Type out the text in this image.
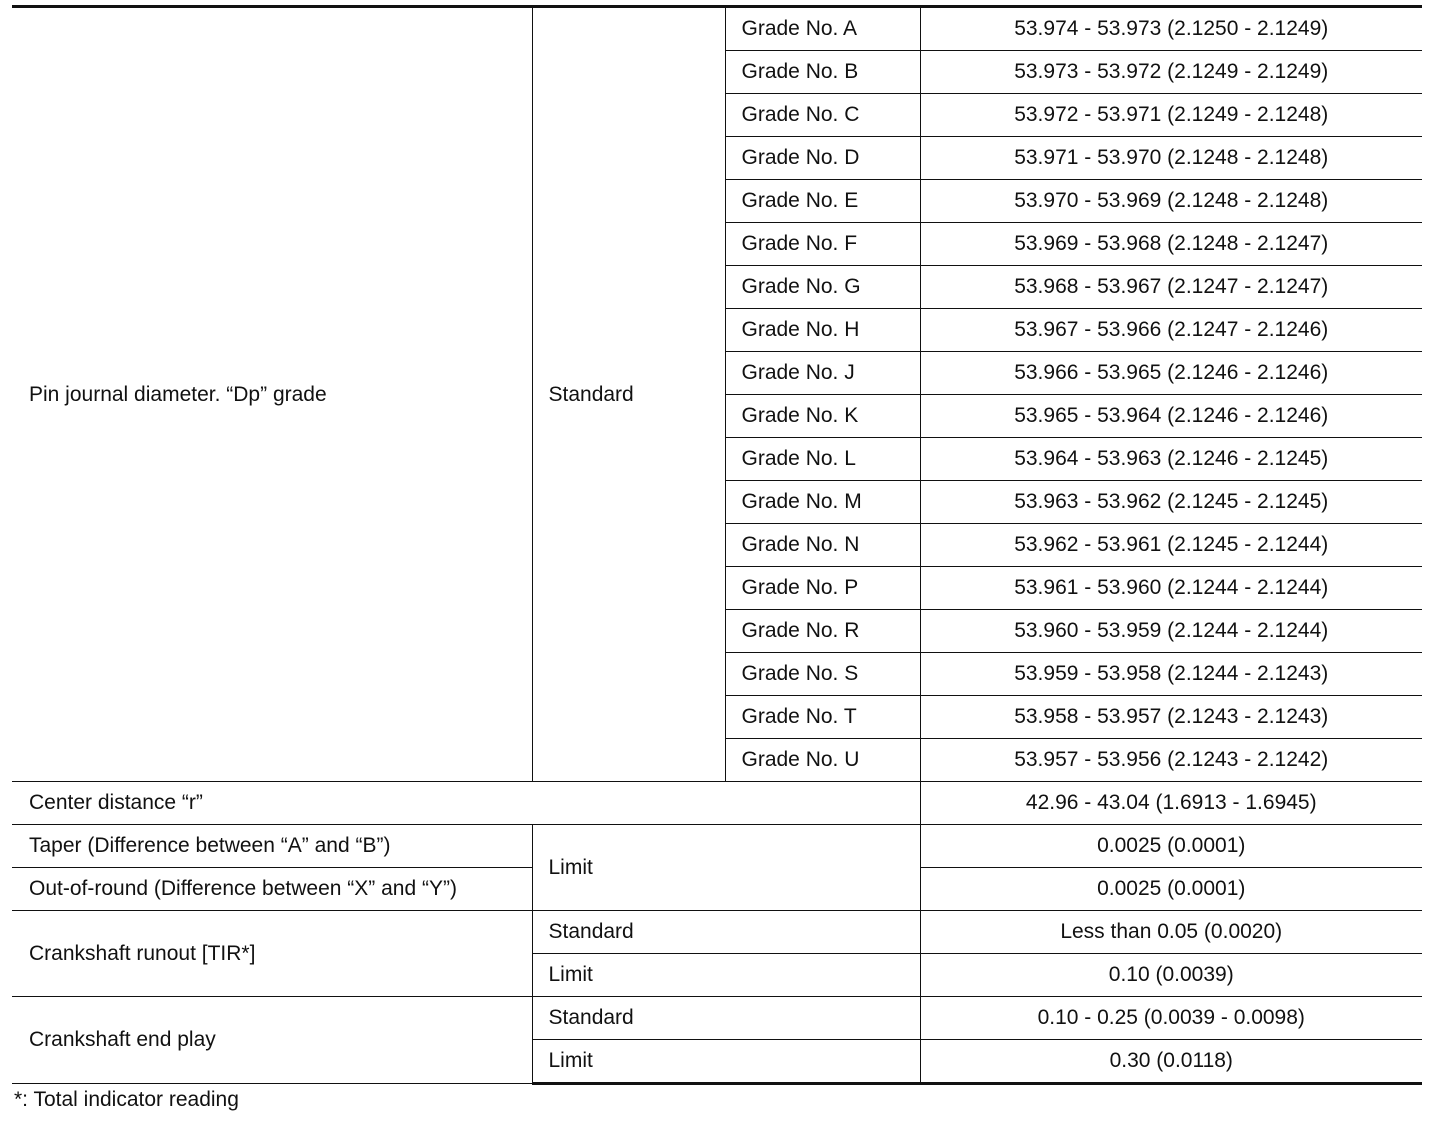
Pin journal diameter. “Dp” grade	Standard	Grade No. A	53.974 - 53.973 (2.1250 - 2.1249)
		Grade No. B	53.973 - 53.972 (2.1249 - 2.1249)
		Grade No. C	53.972 - 53.971 (2.1249 - 2.1248)
		Grade No. D	53.971 - 53.970 (2.1248 - 2.1248)
		Grade No. E	53.970 - 53.969 (2.1248 - 2.1248)
		Grade No. F	53.969 - 53.968 (2.1248 - 2.1247)
		Grade No. G	53.968 - 53.967 (2.1247 - 2.1247)
		Grade No. H	53.967 - 53.966 (2.1247 - 2.1246)
		Grade No. J	53.966 - 53.965 (2.1246 - 2.1246)
		Grade No. K	53.965 - 53.964 (2.1246 - 2.1246)
		Grade No. L	53.964 - 53.963 (2.1246 - 2.1245)
		Grade No. M	53.963 - 53.962 (2.1245 - 2.1245)
		Grade No. N	53.962 - 53.961 (2.1245 - 2.1244)
		Grade No. P	53.961 - 53.960 (2.1244 - 2.1244)
		Grade No. R	53.960 - 53.959 (2.1244 - 2.1244)
		Grade No. S	53.959 - 53.958 (2.1244 - 2.1243)
		Grade No. T	53.958 - 53.957 (2.1243 - 2.1243)
		Grade No. U	53.957 - 53.956 (2.1243 - 2.1242)
Center distance “r”			42.96 - 43.04 (1.6913 - 1.6945)
Taper (Difference between “A” and “B”)	Limit		0.0025 (0.0001)
Out-of-round (Difference between “X” and “Y”)			0.0025 (0.0001)
Crankshaft runout [TIR*]	Standard		Less than 0.05 (0.0020)
	Limit		0.10 (0.0039)
Crankshaft end play	Standard		0.10 - 0.25 (0.0039 - 0.0098)
	Limit		0.30 (0.0118)
*: Total indicator reading
